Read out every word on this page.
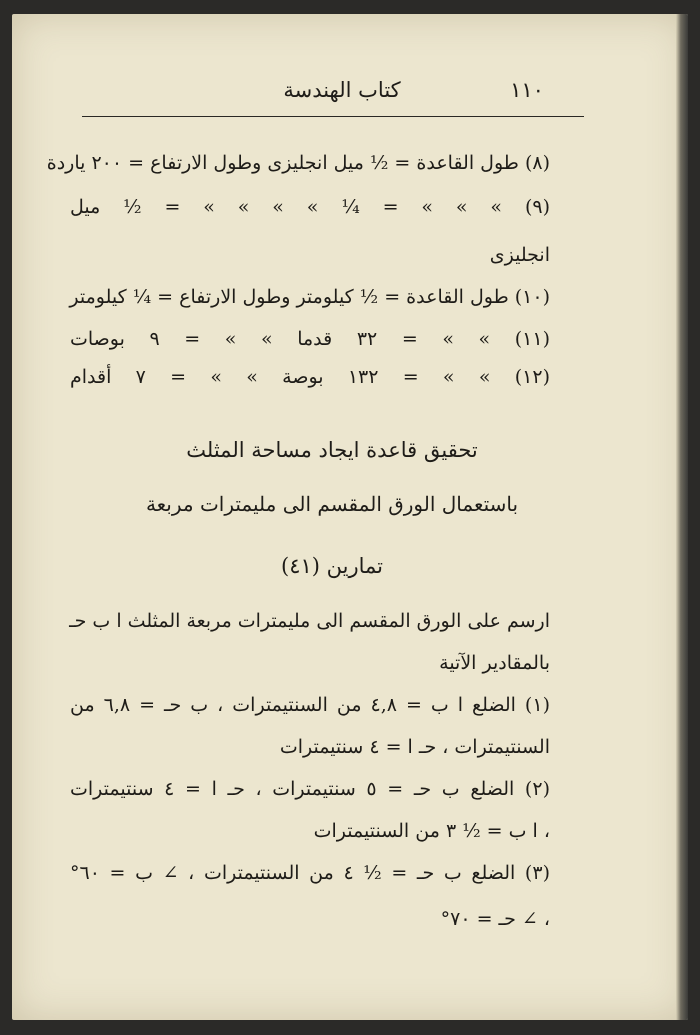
١١٠
كتاب الهندسة
(٨) طول القاعدة = ½ ميل انجليزى وطول الارتفاع = ٢٠٠ ياردة
(٩) » » » = ¼ » » » » = ½ ميل
انجليزى
(١٠) طول القاعدة = ½ كيلومتر وطول الارتفاع = ¼ كيلومتر
(١١) » » = ٣٢ قدما » » = ٩ بوصات
(١٢) » » = ١٣٢ بوصة » » = ٧ أقدام
تحقيق قاعدة ايجاد مساحة المثلث
باستعمال الورق المقسم الى مليمترات مربعة
تمارين (٤١)
ارسم على الورق المقسم الى مليمترات مربعة المثلث ا ب حـ
بالمقادير الآتية
(١) الضلع ا ب = ٤,٨ من السنتيمترات ، ب حـ = ٦,٨ من
السنتيمترات ، حـ ا = ٤ سنتيمترات
(٢) الضلع ب حـ = ٥ سنتيمترات ، حـ ا = ٤ سنتيمترات
، ا ب = ½ ٣ من السنتيمترات
(٣) الضلع ب حـ = ½ ٤ من السنتيمترات ، ∠ ب = ٦٠°
، ∠ حـ = ٧٠°
